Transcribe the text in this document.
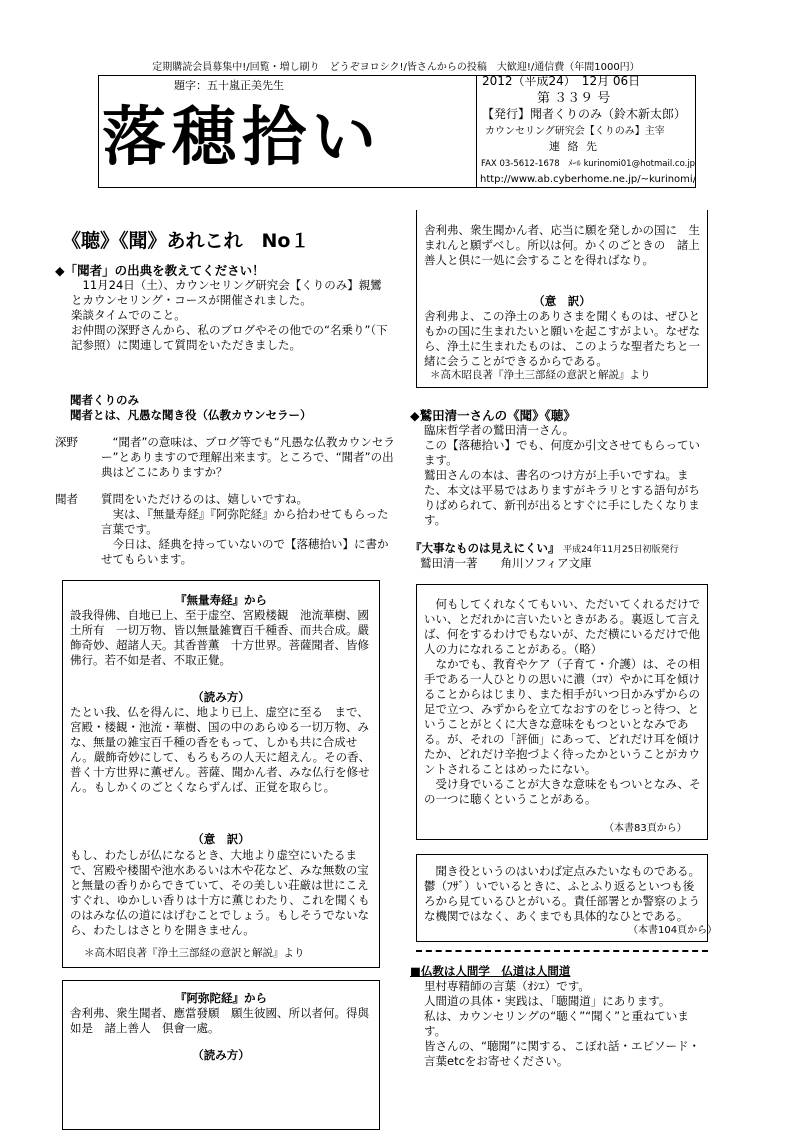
定期購読会員募集中!/回覧・増し刷り　どうぞヨロシク!/皆さんからの投稿　大歓迎!/通信費（年間1000円）
題字：五十嵐正美先生
落穂拾い
2012（平成24）　12月 06日
第 ３３９ 号
【発行】聞者くりのみ（鈴木新太郎）
カウンセリング研究会【くりのみ】主宰
連 絡 先
FAX 03-5612-1678　ﾒｰﾙ kurinomi01@hotmail.co.jp
http://www.ab.cyberhome.ne.jp/~kurinomi/
《聴》《聞》あれこれ　No１
◆「聞者」の出典を教えてください！
　11月24日（土）、カウンセリング研究会【くりのみ】親鸞とカウンセリング・コースが開催されました。
楽談タイムでのこと。
お仲間の深野さんから、私のブログやその他での“名乗り”（下記参照）に関連して質問をいただきました。
聞者くりのみ
聞者とは、凡愚な聞き役（仏教カウンセラー）
深野	　“聞者”の意味は、ブログ等でも“凡愚な仏教カウンセラー”とありますので理解出来ます。ところで、“聞者”の出典はどこにありますか？
聞者	質問をいただけるのは、嬉しいですね。
　実は、『無量寿経』『阿弥陀経』から拾わせてもらった言葉です。
　今日は、経典を持っていないので【落穂拾い】に書かせてもらいます。
『無量寿経』から
設我得佛、自地已上、至于虚空、宮殿楼観　池流華樹、國土所有　一切万物、皆以無量雑寶百千種香、而共合成。嚴飾奇妙、超諸人天。其香普薫　十方世界。菩薩聞者、皆修佛行。若不如是者、不取正覺。
（読み方）
たとい我、仏を得んに、地より已上、虚空に至る　まで、宮殿・楼観・池流・華樹、国の中のあらゆる一切万物、みな、無量の雑宝百千種の香をもって、しかも共に合成せん。嚴飾奇妙にして、もろもろの人天に超えん。その香、普く十方世界に薫ぜん。菩薩、聞かん者、みな仏行を修せん。もしかくのごとくならずんば、正覚を取らじ。
（意　訳）
もし、わたしが仏になるとき、大地より虚空にいたるまで、宮殿や楼閣や池水あるいは木や花など、みな無数の宝と無量の香りからできていて、その美しい荘厳は世にこえすぐれ、ゆかしい香りは十方に薫じわたり、これを聞くものはみな仏の道にはげむことでしょう。もしそうでないなら、わたしはさとりを開きません。
＊高木昭良著『浄土三部経の意訳と解説』より
『阿弥陀経』から
舎利弗、衆生聞者、應當發願　願生彼國、所以者何。得與如是　諸上善人　倶會一處。
（読み方）
舎利弗、衆生聞かん者、応当に願を発しかの国に　生まれんと願ずべし。所以は何。かくのごときの　諸上善人と倶に一処に会することを得ればなり。
（意　訳）
舎利弗よ、この浄土のありさまを聞くものは、ぜひともかの国に生まれたいと願いを起こすがよい。なぜなら、浄土に生まれたものは、このような聖者たちと一緒に会うことができるからである。
＊高木昭良著『浄土三部経の意訳と解説』より
◆鷲田清一さんの《聞》《聴》
臨床哲学者の鷲田清一さん。
この【落穂拾い】でも、何度か引文させてもらっています。
鷲田さんの本は、書名のつけ方が上手いですね。また、本文は平易ではありますがキラリとする語句がちりばめられて、新刊が出るとすぐに手にしたくなります。
『大事なものは見えにくい』 平成24年11月25日初版発行
鷲田清一著　　角川ソフィア文庫
　何もしてくれなくてもいい、ただいてくれるだけでいい、とだれかに言いたいときがある。裏返して言えば、何をするわけでもないが、ただ横にいるだけで他人の力になれることがある。（略）
　なかでも、教育やケア（子育て・介護）は、その相手である一人ひとりの思いに濃（ｺﾏ）やかに耳を傾けることからはじまり、また相手がいつ日かみずからの足で立つ、みずからを立てなおすのをじっと待つ、ということがとくに大きな意味をもつといとなみである。が、それの「評価」にあって、どれだけ耳を傾けたか、どれだけ辛抱づよく待ったかということがカウントされることはめったにない。
　受け身でいることが大きな意味をもついとなみ、その一つに聴くということがある。
（本書83頁から）
　聞き役というのはいわば定点みたいなものである。鬱（ﾌｻﾞ）いでいるときに、ふとふり返るといつも後ろから見ているひとがいる。責任部署とか警察のような機関ではなく、あくまでも具体的なひとである。
（本書104頁から）
■仏教は人間学　仏道は人間道
里村専精師の言葉（ｵｼｴ）です。
人間道の具体・実践は、「聴聞道」にあります。
私は、カウンセリングの“聴く”“聞く”と重ねています。
皆さんの、“聴聞”に関する、こぼれ話・エピソード・言葉etcをお寄せください。
